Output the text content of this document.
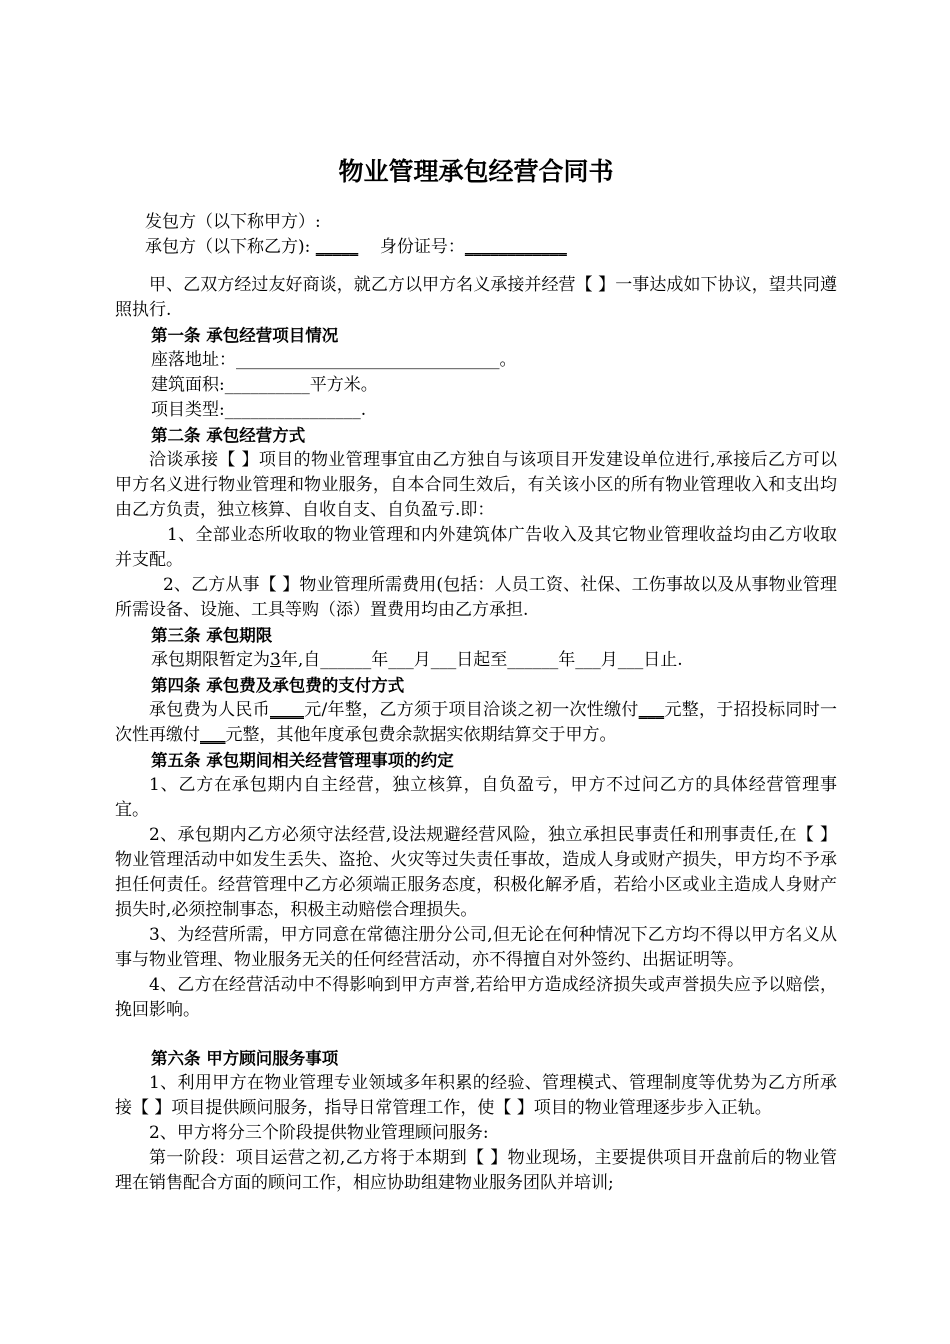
物业管理承包经营合同书

发包方（以下称甲方）:

承包方（以下称乙方): _____ 身份证号：____________

甲、乙双方经过友好商谈，就乙方以甲方名义承接并经营【 】一事达成如下协议，望共同遵照执行.

第一条 承包经营项目情况

座落地址：_______________________________。

建筑面积:__________平方米。

项目类型:________________.

第二条 承包经营方式

洽谈承接【 】项目的物业管理事宜由乙方独自与该项目开发建设单位进行,承接后乙方可以甲方名义进行物业管理和物业服务，自本合同生效后，有关该小区的所有物业管理收入和支出均由乙方负责，独立核算、自收自支、自负盈亏.即：

1、全部业态所收取的物业管理和内外建筑体广告收入及其它物业管理收益均由乙方收取并支配。

2、乙方从事【 】物业管理所需费用(包括：人员工资、社保、工伤事故以及从事物业管理所需设备、设施、工具等购（添）置费用均由乙方承担.

第三条 承包期限

承包期限暂定为3年,自______年___月___日起至______年___月___日止.

第四条 承包费及承包费的支付方式

承包费为人民币____元/年整，乙方须于项目洽谈之初一次性缴付___元整，于招投标同时一次性再缴付___元整，其他年度承包费余款据实依期结算交于甲方。

第五条 承包期间相关经营管理事项的约定

1、乙方在承包期内自主经营，独立核算，自负盈亏，甲方不过问乙方的具体经营管理事宜。

2、承包期内乙方必须守法经营,设法规避经营风险，独立承担民事责任和刑事责任,在【 】物业管理活动中如发生丢失、盗抢、火灾等过失责任事故，造成人身或财产损失，甲方均不予承担任何责任。经营管理中乙方必须端正服务态度，积极化解矛盾，若给小区或业主造成人身财产损失时,必须控制事态，积极主动赔偿合理损失。

3、为经营所需，甲方同意在常德注册分公司,但无论在何种情况下乙方均不得以甲方名义从事与物业管理、物业服务无关的任何经营活动，亦不得擅自对外签约、出据证明等。

4、乙方在经营活动中不得影响到甲方声誉,若给甲方造成经济损失或声誉损失应予以赔偿，挽回影响。

第六条 甲方顾问服务事项

1、利用甲方在物业管理专业领域多年积累的经验、管理模式、管理制度等优势为乙方所承接【 】项目提供顾问服务，指导日常管理工作，使【 】项目的物业管理逐步步入正轨。

2、甲方将分三个阶段提供物业管理顾问服务:

第一阶段：项目运营之初,乙方将于本期到【 】物业现场，主要提供项目开盘前后的物业管理在销售配合方面的顾问工作，相应协助组建物业服务团队并培训;
